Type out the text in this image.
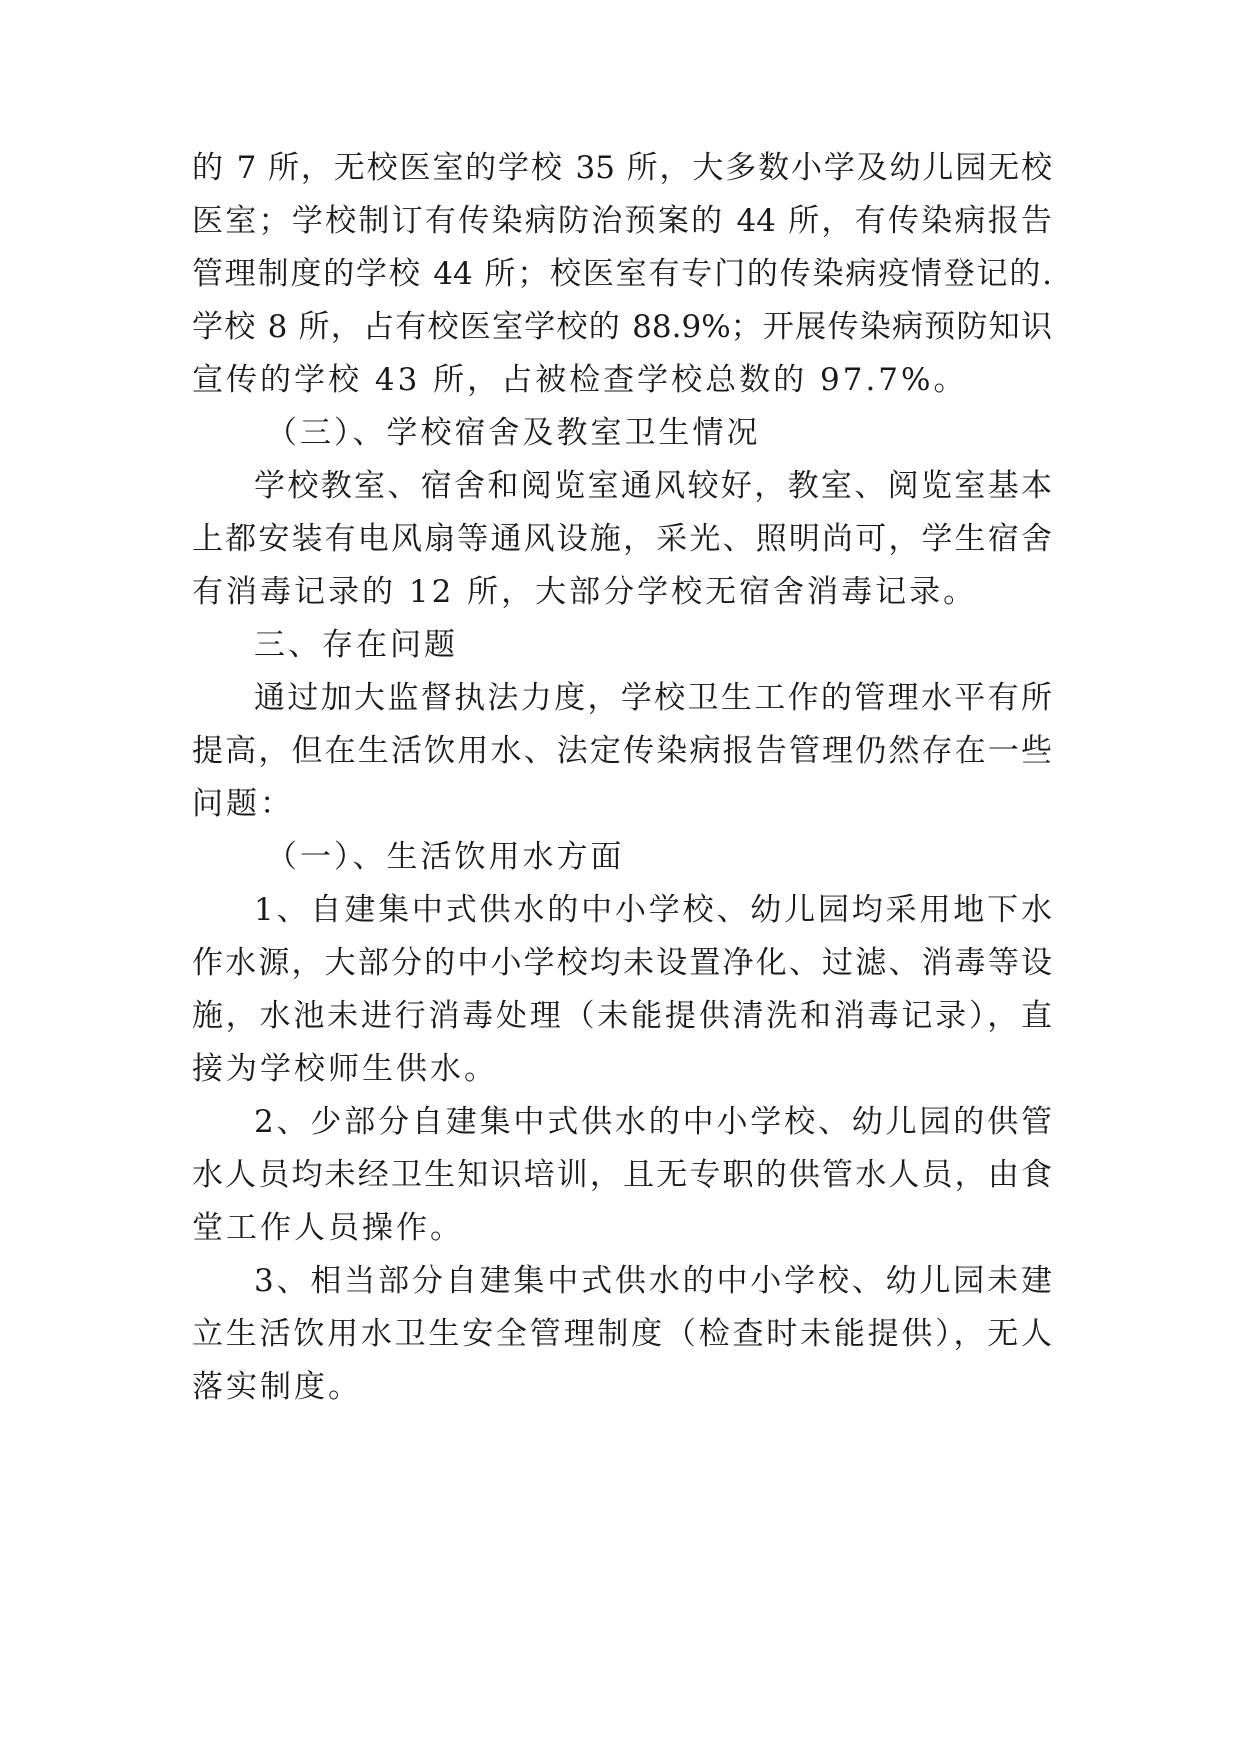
的 7 所，无校医室的学校 35 所，大多数小学及幼儿园无校
医室；学校制订有传染病防治预案的 44 所，有传染病报告
管理制度的学校 44 所；校医室有专门的传染病疫情登记的.
学校 8 所，占有校医室学校的 88.9%；开展传染病预防知识
宣传的学校 43 所，占被检查学校总数的 97.7%。
（三）、学校宿舍及教室卫生情况
学校教室、宿舍和阅览室通风较好，教室、阅览室基本
上都安装有电风扇等通风设施，采光、照明尚可，学生宿舍
有消毒记录的 12 所，大部分学校无宿舍消毒记录。
三、存在问题
通过加大监督执法力度，学校卫生工作的管理水平有所
提高，但在生活饮用水、法定传染病报告管理仍然存在一些
问题：
（一）、生活饮用水方面
1、自建集中式供水的中小学校、幼儿园均采用地下水
作水源，大部分的中小学校均未设置净化、过滤、消毒等设
施，水池未进行消毒处理（未能提供清洗和消毒记录），直
接为学校师生供水。
2、少部分自建集中式供水的中小学校、幼儿园的供管
水人员均未经卫生知识培训，且无专职的供管水人员，由食
堂工作人员操作。
3、相当部分自建集中式供水的中小学校、幼儿园未建
立生活饮用水卫生安全管理制度（检查时未能提供），无人
落实制度。
